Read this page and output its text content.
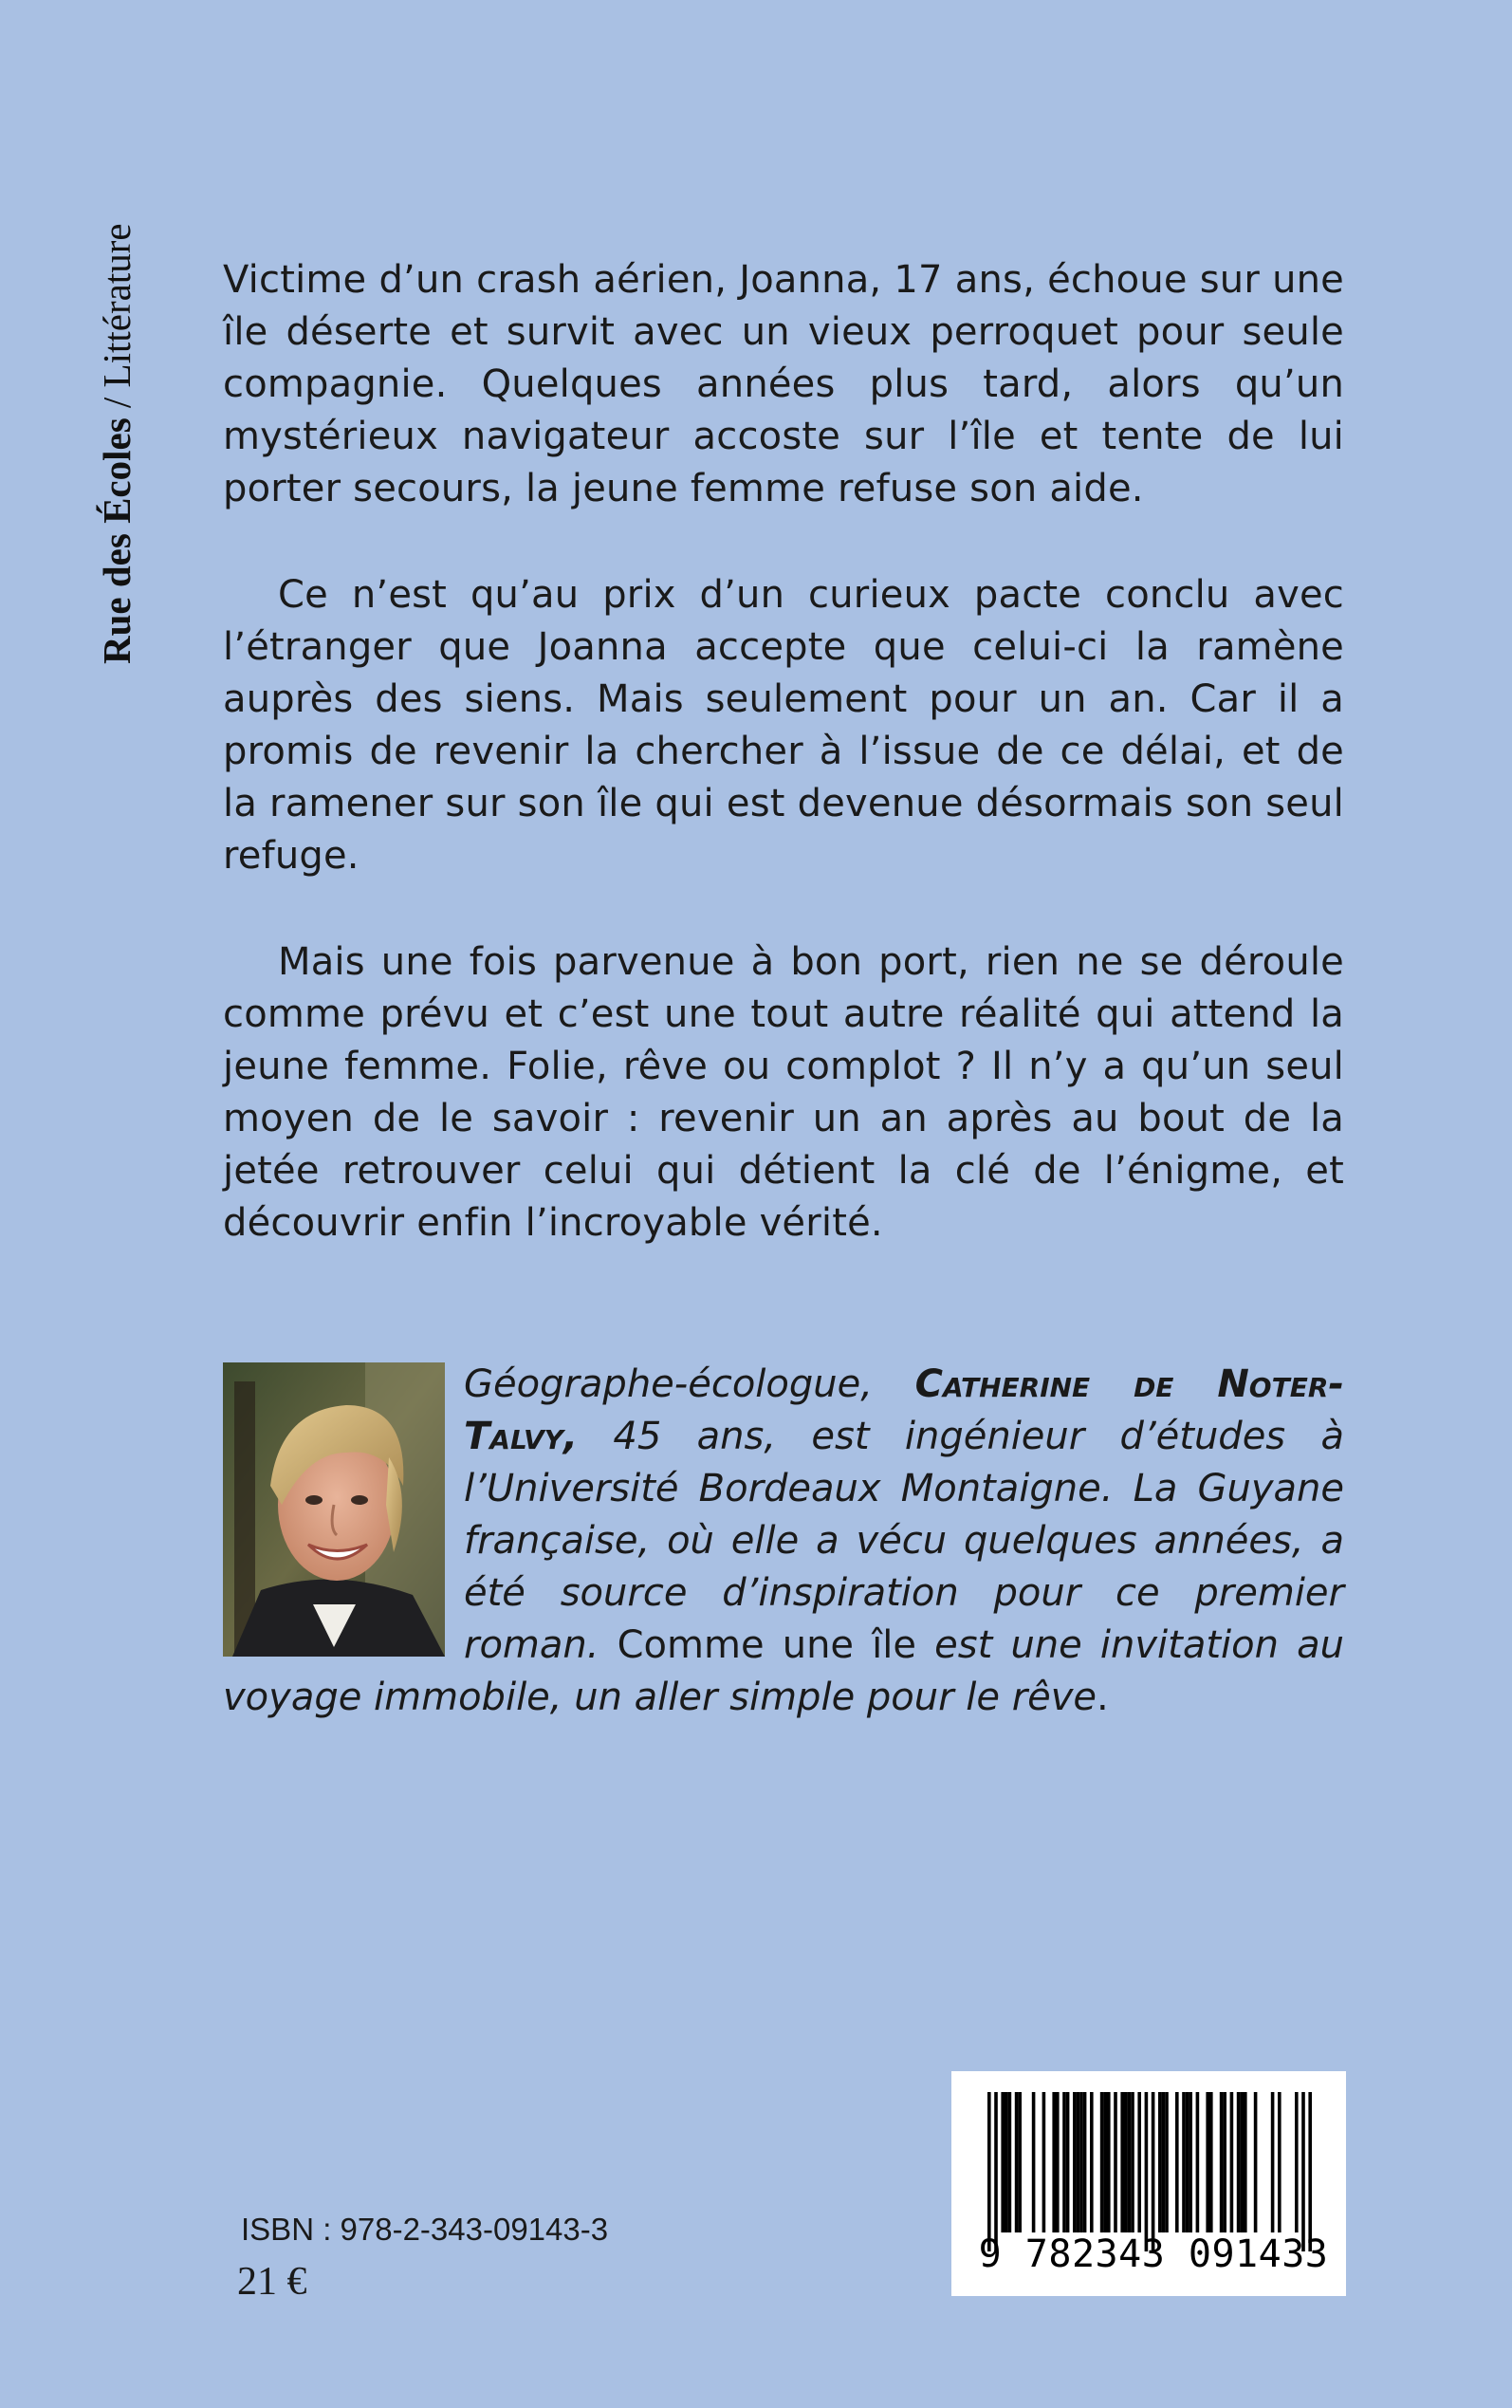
Rue des Écoles / Littérature Victime d’un crash aérien, Joanna, 17 ans, échoue sur une île déserte et survit avec un vieux perroquet pour seule compagnie. Quelques années plus tard, alors qu’un mystérieux navigateur accoste sur l’île et tente de lui porter secours, la jeune femme refuse son aide.

Ce n’est qu’au prix d’un curieux pacte conclu avec l’étranger que Joanna accepte que celui-ci la ramène auprès des siens. Mais seulement pour un an. Car il a promis de revenir la chercher à l’issue de ce délai, et de la ramener sur son île qui est devenue désormais son seul refuge.

Mais une fois parvenue à bon port, rien ne se déroule comme prévu et c’est une tout autre réalité qui attend la jeune femme. Folie, rêve ou complot ? Il n’y a qu’un seul moyen de le savoir : revenir un an après au bout de la jetée retrouver celui qui détient la clé de l’énigme, et découvrir enfin l’incroyable vérité.

Géographe-écologue, Catherine de Noter-Talvy, 45 ans, est ingénieur d’études à l’Université Bordeaux Montaigne. La Guyane française, où elle a vécu quelques années, a été source d’inspiration pour ce premier roman. Comme une île est une invitation au voyage immobile, un aller simple pour le rêve.
ISBN : 978-2-343-09143-3
21 €
9 782343 091433
